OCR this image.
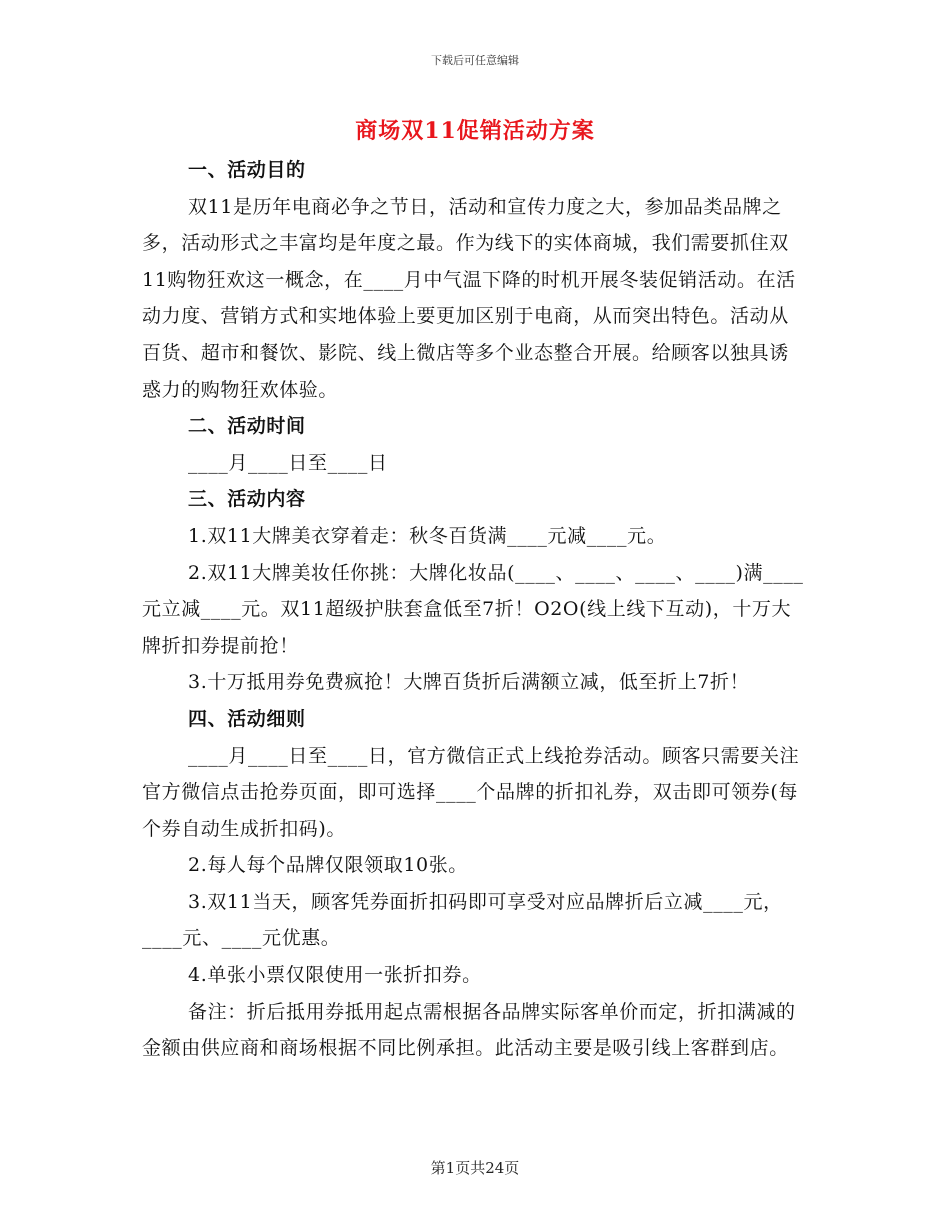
下载后可任意编辑
商场双11促销活动方案

一、活动目的

双11是历年电商必争之节日，活动和宣传力度之大，参加品类品牌之多，活动形式之丰富均是年度之最。作为线下的实体商城，我们需要抓住双11购物狂欢这一概念，在____月中气温下降的时机开展冬装促销活动。在活动力度、营销方式和实地体验上要更加区别于电商，从而突出特色。活动从百货、超市和餐饮、影院、线上微店等多个业态整合开展。给顾客以独具诱惑力的购物狂欢体验。

二、活动时间

____月____日至____日

三、活动内容

1.双11大牌美衣穿着走：秋冬百货满____元减____元。

2.双11大牌美妆任你挑：大牌化妆品(____、____、____、____)满____元立减____元。双11超级护肤套盒低至7折！O2O(线上线下互动)，十万大牌折扣券提前抢！

3.十万抵用券免费疯抢！大牌百货折后满额立减，低至折上7折！

四、活动细则

____月____日至____日，官方微信正式上线抢券活动。顾客只需要关注官方微信点击抢券页面，即可选择____个品牌的折扣礼券，双击即可领券(每个券自动生成折扣码)。

2.每人每个品牌仅限领取10张。

3.双11当天，顾客凭券面折扣码即可享受对应品牌折后立减____元，____元、____元优惠。

4.单张小票仅限使用一张折扣券。

备注：折后抵用券抵用起点需根据各品牌实际客单价而定，折扣满减的金额由供应商和商场根据不同比例承担。此活动主要是吸引线上客群到店。

第1页共24页
